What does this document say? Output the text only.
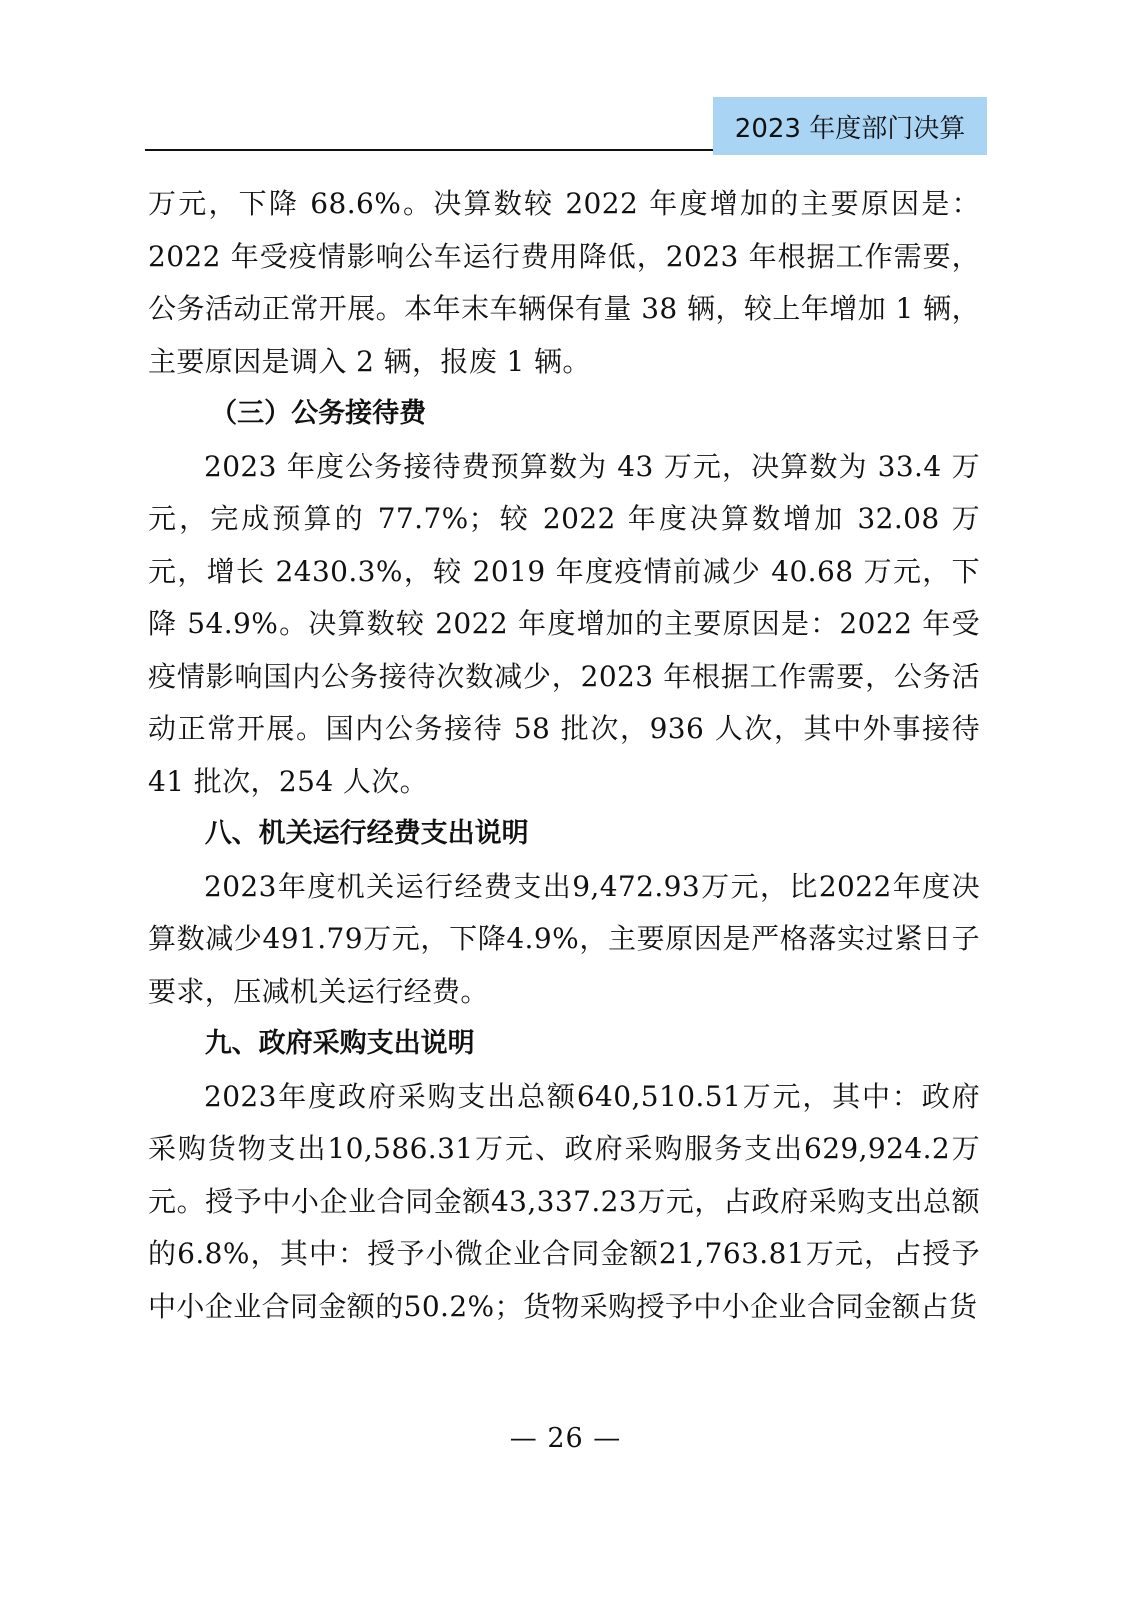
2023 年度部门决算

万元，下降 68.6%。决算数较 2022 年度增加的主要原因是：2022 年受疫情影响公车运行费用降低，2023 年根据工作需要，公务活动正常开展。本年末车辆保有量 38 辆，较上年增加 1 辆，主要原因是调入 2 辆，报废 1 辆。

（三）公务接待费

2023 年度公务接待费预算数为 43 万元，决算数为 33.4 万元，完成预算的 77.7%；较 2022 年度决算数增加 32.08 万元，增长 2430.3%，较 2019 年度疫情前减少 40.68 万元，下降 54.9%。决算数较 2022 年度增加的主要原因是：2022 年受疫情影响国内公务接待次数减少，2023 年根据工作需要，公务活动正常开展。国内公务接待 58 批次，936 人次，其中外事接待 41 批次，254 人次。

八、机关运行经费支出说明

2023年度机关运行经费支出9,472.93万元，比2022年度决算数减少491.79万元，下降4.9%，主要原因是严格落实过紧日子要求，压减机关运行经费。

九、政府采购支出说明

2023年度政府采购支出总额640,510.51万元，其中：政府采购货物支出10,586.31万元、政府采购服务支出629,924.2万元。授予中小企业合同金额43,337.23万元，占政府采购支出总额的6.8%，其中：授予小微企业合同金额21,763.81万元，占授予中小企业合同金额的50.2%；货物采购授予中小企业合同金额占货

— 26 —
